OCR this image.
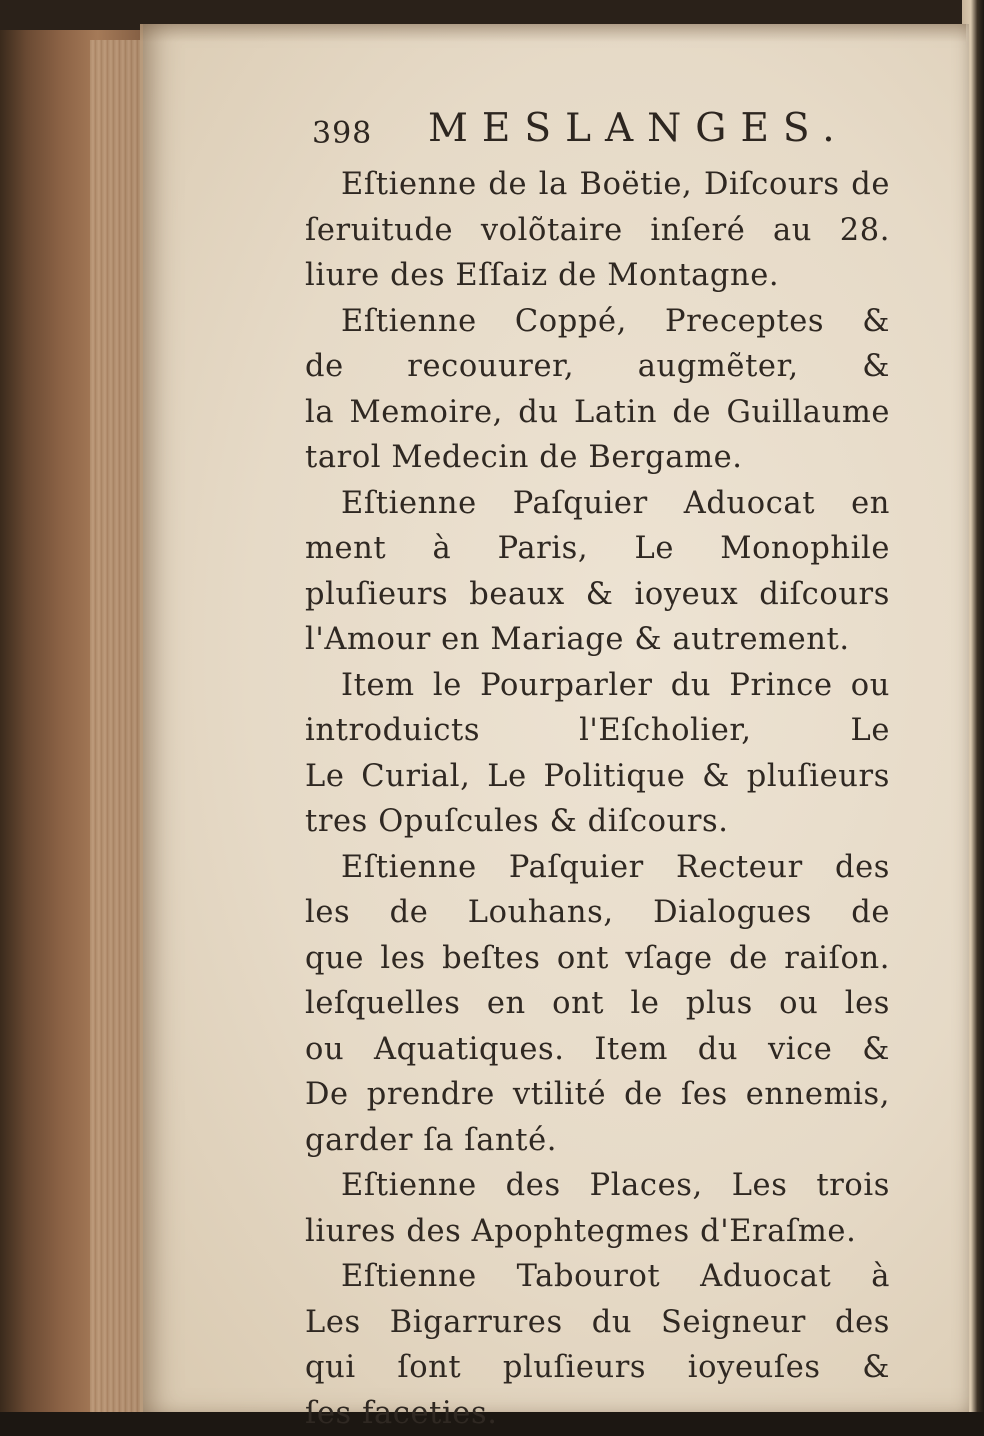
398 MESLANGES.
Eſtienne de la Boëtie, Diſcours de
ſeruitude volõtaire inſeré au 28.
liure des Eſſaiz de Montagne.
Eſtienne Coppé, Preceptes &
de recouurer, augmẽter, &
la Memoire, du Latin de Guillaume
tarol Medecin de Bergame.
Eſtienne Paſquier Aduocat en
ment à Paris, Le Monophile
pluſieurs beaux & ioyeux diſcours
l'Amour en Mariage & autrement.
Item le Pourparler du Prince ou
introduicts l'Eſcholier, Le
Le Curial, Le Politique & pluſieurs
tres Opuſcules & diſcours.
Eſtienne Paſquier Recteur des
les de Louhans, Dialogues de
que les beſtes ont vſage de raiſon.
leſquelles en ont le plus ou les
ou Aquatiques. Item du vice &
De prendre vtilité de ſes ennemis,
garder ſa ſanté.
Eſtienne des Places, Les trois
liures des Apophtegmes d'Eraſme.
Eſtienne Tabourot Aduocat à
Les Bigarrures du Seigneur des
qui ſont pluſieurs ioyeuſes &
ſes faceties.
